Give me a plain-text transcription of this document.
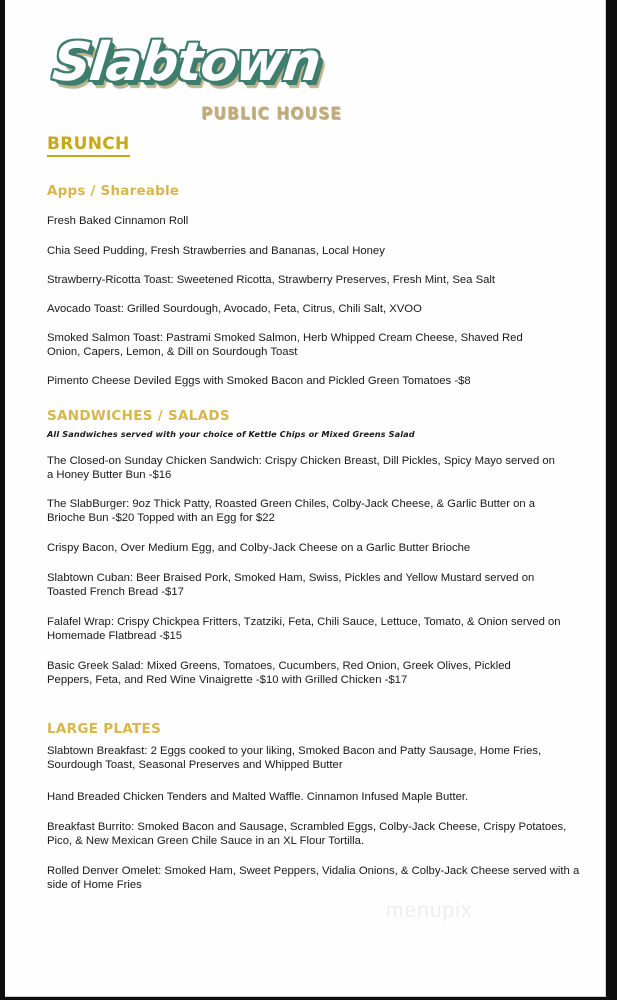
Slabtown
PUBLIC HOUSE
BRUNCH
Apps / Shareable
Fresh Baked Cinnamon Roll
Chia Seed Pudding, Fresh Strawberries and Bananas, Local Honey
Strawberry-Ricotta Toast: Sweetened Ricotta, Strawberry Preserves, Fresh Mint, Sea Salt
Avocado Toast: Grilled Sourdough, Avocado, Feta, Citrus, Chili Salt, XVOO
Smoked Salmon Toast: Pastrami Smoked Salmon, Herb Whipped Cream Cheese, Shaved Red Onion, Capers, Lemon, & Dill on Sourdough Toast
Pimento Cheese Deviled Eggs with Smoked Bacon and Pickled Green Tomatoes -$8
SANDWICHES / SALADS
All Sandwiches served with your choice of Kettle Chips or Mixed Greens Salad
The Closed-on Sunday Chicken Sandwich: Crispy Chicken Breast, Dill Pickles, Spicy Mayo served on a Honey Butter Bun -$16
The SlabBurger: 9oz Thick Patty, Roasted Green Chiles, Colby-Jack Cheese, & Garlic Butter on a Brioche Bun -$20 Topped with an Egg for $22
Crispy Bacon, Over Medium Egg, and Colby-Jack Cheese on a Garlic Butter Brioche
Slabtown Cuban: Beer Braised Pork, Smoked Ham, Swiss, Pickles and Yellow Mustard served on Toasted French Bread -$17
Falafel Wrap: Crispy Chickpea Fritters, Tzatziki, Feta, Chili Sauce, Lettuce, Tomato, & Onion served on Homemade Flatbread -$15
Basic Greek Salad: Mixed Greens, Tomatoes, Cucumbers, Red Onion, Greek Olives, Pickled Peppers, Feta, and Red Wine Vinaigrette -$10 with Grilled Chicken -$17
LARGE PLATES
Slabtown Breakfast: 2 Eggs cooked to your liking, Smoked Bacon and Patty Sausage, Home Fries, Sourdough Toast, Seasonal Preserves and Whipped Butter
Hand Breaded Chicken Tenders and Malted Waffle. Cinnamon Infused Maple Butter.
Breakfast Burrito: Smoked Bacon and Sausage, Scrambled Eggs, Colby-Jack Cheese, Crispy Potatoes, Pico, & New Mexican Green Chile Sauce in an XL Flour Tortilla.
Rolled Denver Omelet: Smoked Ham, Sweet Peppers, Vidalia Onions, & Colby-Jack Cheese served with a side of Home Fries
menupix
